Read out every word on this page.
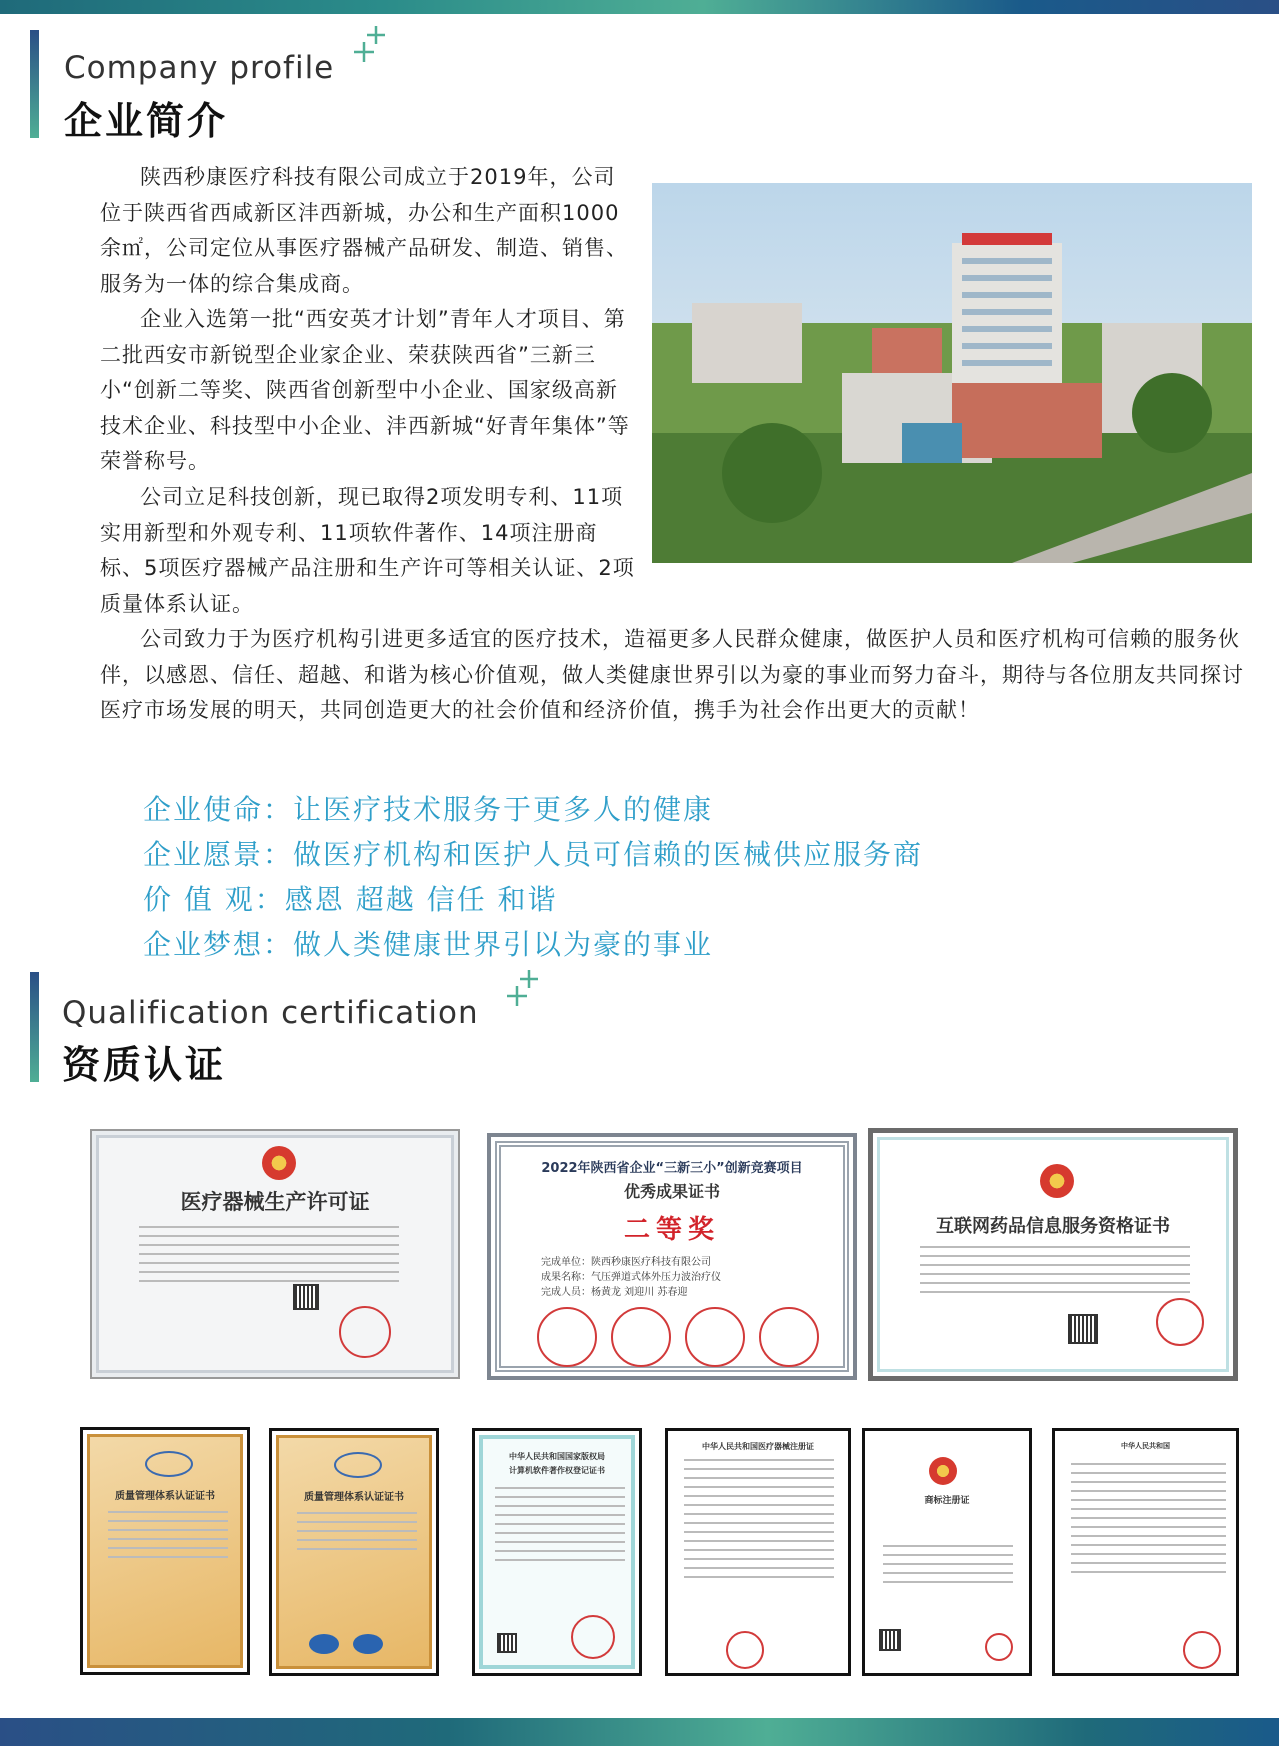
Company profile
企业简介
陕西秒康医疗科技有限公司成立于2019年，公司位于陕西省西咸新区沣西新城，办公和生产面积1000余㎡，公司定位从事医疗器械产品研发、制造、销售、服务为一体的综合集成商。
企业入选第一批“西安英才计划”青年人才项目、第二批西安市新锐型企业家企业、荣获陕西省”三新三小“创新二等奖、陕西省创新型中小企业、国家级高新技术企业、科技型中小企业、沣西新城“好青年集体”等荣誉称号。
公司立足科技创新，现已取得2项发明专利、11项实用新型和外观专利、11项软件著作、14项注册商标、5项医疗器械产品注册和生产许可等相关认证、2项质量体系认证。
公司致力于为医疗机构引进更多适宜的医疗技术，造福更多人民群众健康，做医护人员和医疗机构可信赖的服务伙伴，以感恩、信任、超越、和谐为核心价值观，做人类健康世界引以为豪的事业而努力奋斗，期待与各位朋友共同探讨医疗市场发展的明天，共同创造更大的社会价值和经济价值，携手为社会作出更大的贡献！
企业使命：让医疗技术服务于更多人的健康
企业愿景：做医疗机构和医护人员可信赖的医械供应服务商
价 值 观：感恩 超越 信任 和谐
企业梦想：做人类健康世界引以为豪的事业
Qualification certification
资质认证
医疗器械生产许可证
2022年陕西省企业“三新三小”创新竞赛项目
优秀成果证书
二等奖
完成单位：陕西秒康医疗科技有限公司
成果名称：气压弹道式体外压力波治疗仪
完成人员：杨黄龙 刘迎川 苏春迎
互联网药品信息服务资格证书
质量管理体系认证证书	质量管理体系认证证书
中华人民共和国国家版权局
计算机软件著作权登记证书
中华人民共和国医疗器械注册证
商标注册证
中华人民共和国
